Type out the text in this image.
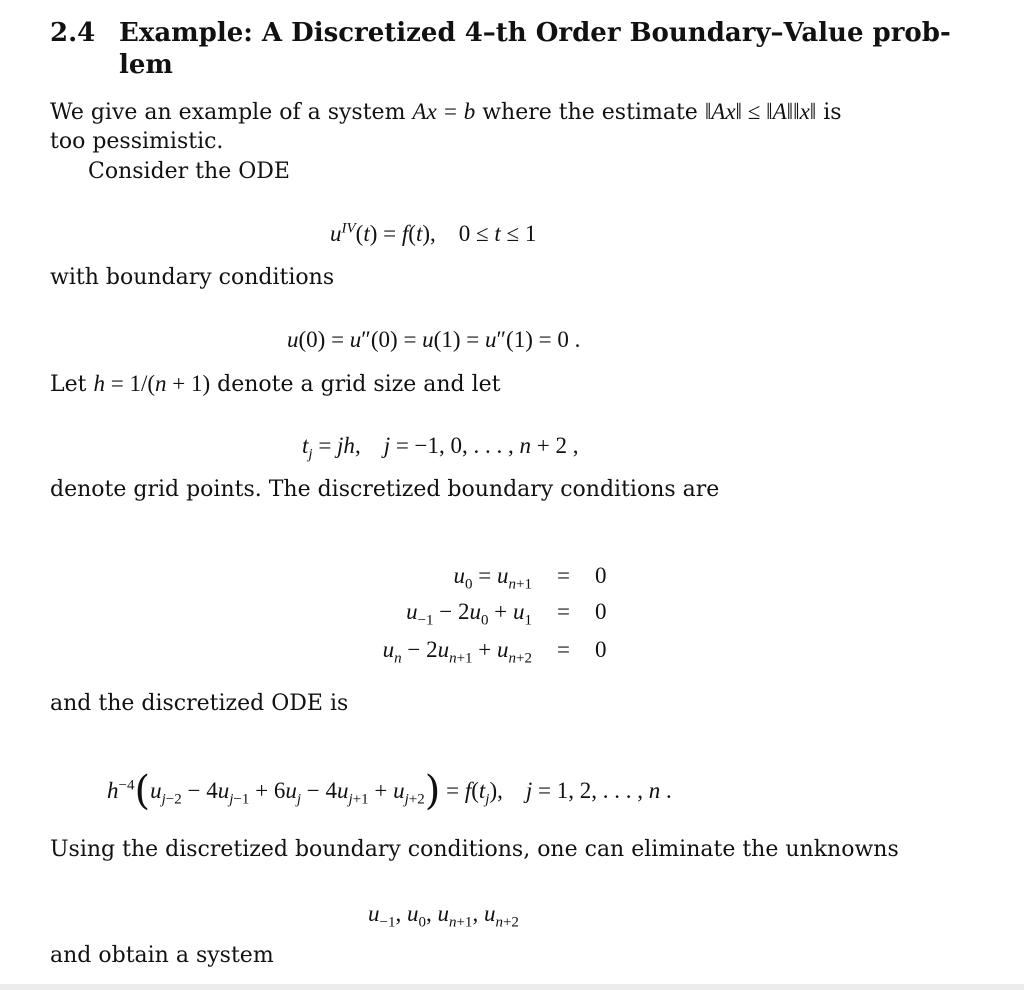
2.4 Example: A Discretized 4–th Order Boundary–Value prob-
lem
We give an example of a system Ax = b where the estimate ‖Ax‖ ≤ ‖A‖‖x‖ is
too pessimistic.
Consider the ODE
$u^{IV}(t) = f(t)$,    0 ≤ t ≤ 1
with boundary conditions
u(0) = u″(0) = u(1) = u″(1) = 0 .
Let h = 1/(n + 1) denote a grid size and let
$t_j$ = jh,    j = −1, 0, . . . , n + 2 ,
denote grid points. The discretized boundary conditions are
$u_0 = u_{n+1} = 0$
$u_{-1} - 2u_0 + u_1 = 0$
$u_n - 2u_{n+1} + u_{n+2} = 0$
and the discretized ODE is
$h^{-4}(u_{j-2} - 4u_{j-1} + 6u_j - 4u_{j+1} + u_{j+2}) = f(t_j)$,    j = 1, 2, . . . , n .
Using the discretized boundary conditions, one can eliminate the unknowns
$u_{-1}$, $u_0$, $u_{n+1}$, $u_{n+2}$
and obtain a system
